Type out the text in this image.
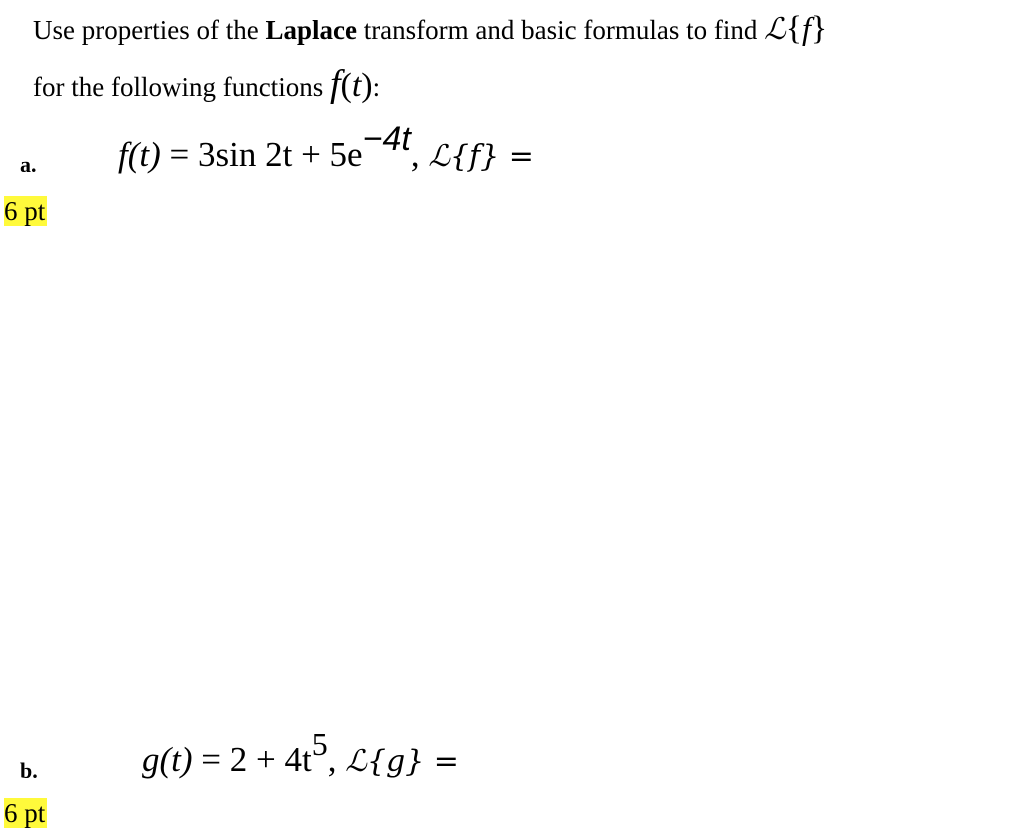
Use properties of the Laplace transform and basic formulas to find ℒ{f}
for the following functions f(t):
a.
6 pt
f(t) = 3sin 2t + 5e−4t, ℒ{f} =
b.
6 pt
g(t) = 2 + 4t5, ℒ{g} =
